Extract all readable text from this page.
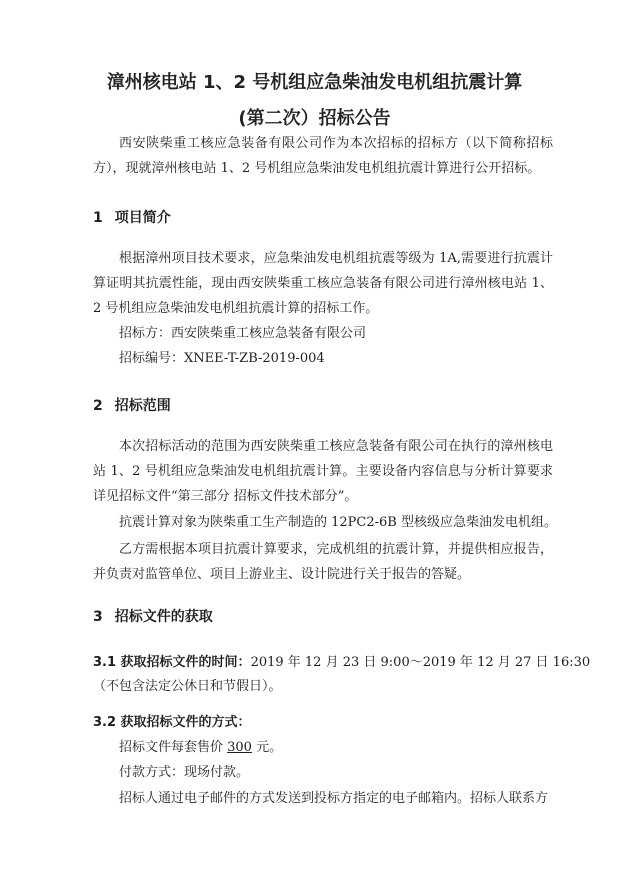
漳州核电站 1、2 号机组应急柴油发电机组抗震计算
(第二次）招标公告

西安陕柴重工核应急装备有限公司作为本次招标的招标方（以下简称招标方），现就漳州核电站 1、2 号机组应急柴油发电机组抗震计算进行公开招标。

1 项目简介

根据漳州项目技术要求，应急柴油发电机组抗震等级为 1A,需要进行抗震计算证明其抗震性能，现由西安陕柴重工核应急装备有限公司进行漳州核电站 1、2 号机组应急柴油发电机组抗震计算的招标工作。

招标方：西安陕柴重工核应急装备有限公司
招标编号：XNEE-T-ZB-2019-004
2 招标范围

本次招标活动的范围为西安陕柴重工核应急装备有限公司在执行的漳州核电站 1、2 号机组应急柴油发电机组抗震计算。主要设备内容信息与分析计算要求详见招标文件“第三部分 招标文件技术部分”。

抗震计算对象为陕柴重工生产制造的 12PC2-6B 型核级应急柴油发电机组。

乙方需根据本项目抗震计算要求，完成机组的抗震计算，并提供相应报告，并负责对监管单位、项目上游业主、设计院进行关于报告的答疑。

3 招标文件的获取
3.1 获取招标文件的时间：2019 年 12 月 23 日 9:00～2019 年 12 月 27 日 16:30
（不包含法定公休日和节假日）。
3.2 获取招标文件的方式：
招标文件每套售价 300 元。
付款方式：现场付款。
招标人通过电子邮件的方式发送到投标方指定的电子邮箱内。招标人联系方
